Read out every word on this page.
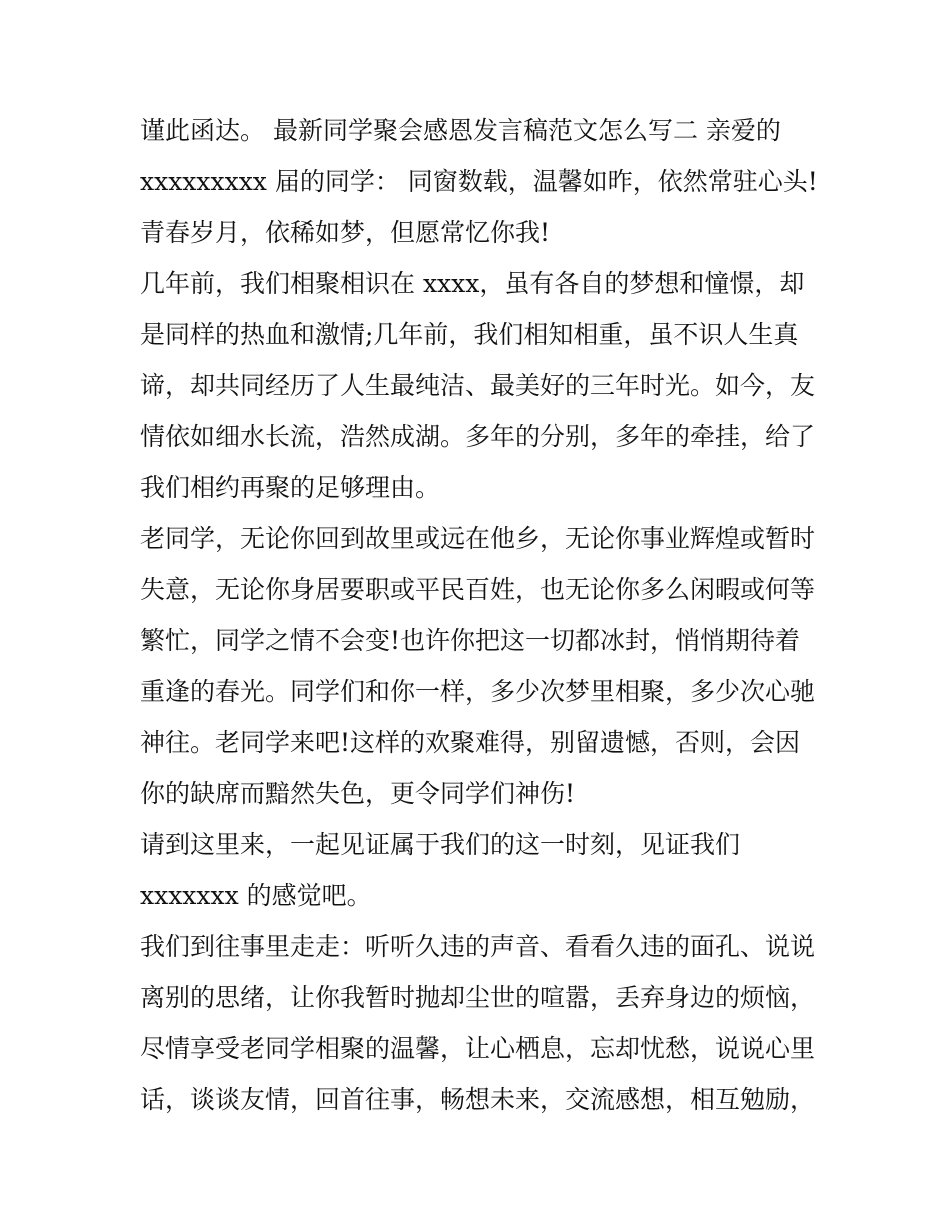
谨此函达。 最新同学聚会感恩发言稿范文怎么写二 亲爱的
xxxxxxxxx 届的同学： 同窗数载，温馨如昨，依然常驻心头!
青春岁月，依稀如梦，但愿常忆你我!
几年前，我们相聚相识在 xxxx，虽有各自的梦想和憧憬，却
是同样的热血和激情;几年前，我们相知相重，虽不识人生真
谛，却共同经历了人生最纯洁、最美好的三年时光。如今，友
情依如细水长流，浩然成湖。多年的分别，多年的牵挂，给了
我们相约再聚的足够理由。
老同学，无论你回到故里或远在他乡，无论你事业辉煌或暂时
失意，无论你身居要职或平民百姓，也无论你多么闲暇或何等
繁忙，同学之情不会变!也许你把这一切都冰封，悄悄期待着
重逢的春光。同学们和你一样，多少次梦里相聚，多少次心驰
神往。老同学来吧!这样的欢聚难得，别留遗憾，否则，会因
你的缺席而黯然失色，更令同学们神伤!
请到这里来，一起见证属于我们的这一时刻，见证我们
xxxxxxx 的感觉吧。
我们到往事里走走：听听久违的声音、看看久违的面孔、说说
离别的思绪，让你我暂时抛却尘世的喧嚣，丢弃身边的烦恼，
尽情享受老同学相聚的温馨，让心栖息，忘却忧愁，说说心里
话，谈谈友情，回首往事，畅想未来，交流感想，相互勉励，
